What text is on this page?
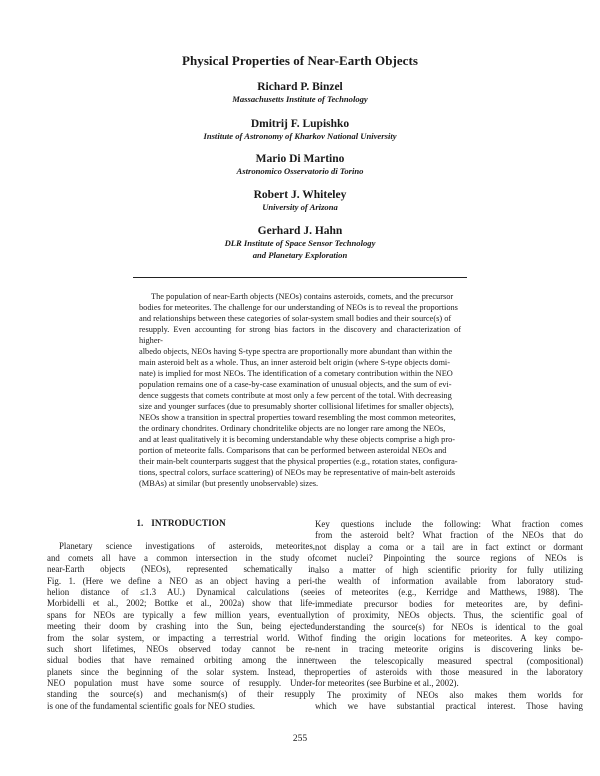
Physical Properties of Near-Earth Objects
Richard P. Binzel
Massachusetts Institute of Technology
Dmitrij F. Lupishko
Institute of Astronomy of Kharkov National University
Mario Di Martino
Astronomico Osservatorio di Torino
Robert J. Whiteley
University of Arizona
Gerhard J. Hahn
DLR Institute of Space Sensor Technology
and Planetary Exploration
The population of near-Earth objects (NEOs) contains asteroids, comets, and the precursor
bodies for meteorites. The challenge for our understanding of NEOs is to reveal the proportions
and relationships between these categories of solar-system small bodies and their source(s) of
resupply. Even accounting for strong bias factors in the discovery and characterization of higher-
albedo objects, NEOs having S-type spectra are proportionally more abundant than within the
main asteroid belt as a whole. Thus, an inner asteroid belt origin (where S-type objects domi-
nate) is implied for most NEOs. The identification of a cometary contribution within the NEO
population remains one of a case-by-case examination of unusual objects, and the sum of evi-
dence suggests that comets contribute at most only a few percent of the total. With decreasing
size and younger surfaces (due to presumably shorter collisional lifetimes for smaller objects),
NEOs show a transition in spectral properties toward resembling the most common meteorites,
the ordinary chondrites. Ordinary chondritelike objects are no longer rare among the NEOs,
and at least qualitatively it is becoming understandable why these objects comprise a high pro-
portion of meteorite falls. Comparisons that can be performed between asteroidal NEOs and
their main-belt counterparts suggest that the physical properties (e.g., rotation states, configura-
tions, spectral colors, surface scattering) of NEOs may be representative of main-belt asteroids
(MBAs) at similar (but presently unobservable) sizes.
1. INTRODUCTION
Planetary science investigations of asteroids, meteorites,
and comets all have a common intersection in the study of
near-Earth objects (NEOs), represented schematically in
Fig. 1. (Here we define a NEO as an object having a peri-
helion distance of ≤1.3 AU.) Dynamical calculations (see
Morbidelli et al., 2002; Bottke et al., 2002a) show that life-
spans for NEOs are typically a few million years, eventually
meeting their doom by crashing into the Sun, being ejected
from the solar system, or impacting a terrestrial world. With
such short lifetimes, NEOs observed today cannot be re-
sidual bodies that have remained orbiting among the inner
planets since the beginning of the solar system. Instead, the
NEO population must have some source of resupply. Under-
standing the source(s) and mechanism(s) of their resupply
is one of the fundamental scientific goals for NEO studies.
Key questions include the following: What fraction comes
from the asteroid belt? What fraction of the NEOs that do
not display a coma or a tail are in fact extinct or dormant
comet nuclei? Pinpointing the source regions of NEOs is
also a matter of high scientific priority for fully utilizing
the wealth of information available from laboratory stud-
ies of meteorites (e.g., Kerridge and Matthews, 1988). The
immediate precursor bodies for meteorites are, by defini-
tion of proximity, NEOs objects. Thus, the scientific goal of
understanding the source(s) for NEOs is identical to the goal
of finding the origin locations for meteorites. A key compo-
nent in tracing meteorite origins is discovering links be-
tween the telescopically measured spectral (compositional)
properties of asteroids with those measured in the laboratory
for meteorites (see Burbine et al., 2002).
The proximity of NEOs also makes them worlds for
which we have substantial practical interest. Those having
255
